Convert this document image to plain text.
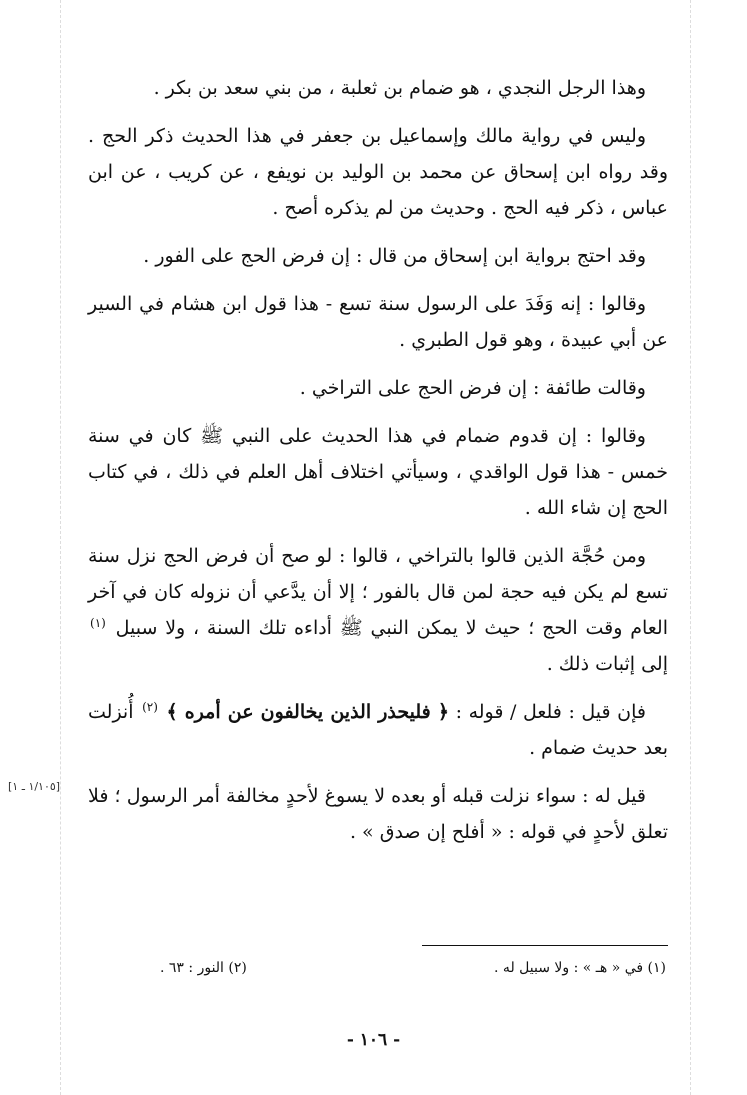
وهذا الرجل النجدي ، هو ضمام بن ثعلبة ، من بني سعد بن بكر .

وليس في رواية مالك وإسماعيل بن جعفر في هذا الحديث ذكر الحج . وقد رواه ابن إسحاق عن محمد بن الوليد بن نويفع ، عن كريب ، عن ابن عباس ، ذكر فيه الحج . وحديث من لم يذكره أصح .

وقد احتج برواية ابن إسحاق من قال : إن فرض الحج على الفور .

وقالوا : إنه وَفَدَ على الرسول سنة تسع - هذا قول ابن هشام في السير عن أبي عبيدة ، وهو قول الطبري .

وقالت طائفة : إن فرض الحج على التراخي .

وقالوا : إن قدوم ضمام في هذا الحديث على النبي ﷺ كان في سنة خمس - هذا قول الواقدي ، وسيأتي اختلاف أهل العلم في ذلك ، في كتاب الحج إن شاء الله .

ومن حُجَّة الذين قالوا بالتراخي ، قالوا : لو صح أن فرض الحج نزل سنة تسع لم يكن فيه حجة لمن قال بالفور ؛ إلا أن يدَّعي أن نزوله كان في آخر العام وقت الحج ؛ حيث لا يمكن النبي ﷺ أداءه تلك السنة ، ولا سبيل $^{(١)}$ إلى إثبات ذلك .

فإن قيل : فلعل / قوله : ﴿ فليحذر الذين يخالفون عن أمره ﴾ $^{(٢)}$ أُنزلت بعد حديث ضمام .

قيل له : سواء نزلت قبله أو بعده لا يسوغ لأحدٍ مخالفة أمر الرسول ؛ فلا تعلق لأحدٍ في قوله : « أفلح إن صدق » .

[١/١٠٥ ـ ١]
(١) في « هـ » : ولا سبيل له .
(٢) النور : ٦٣ .
- ١٠٦ -
